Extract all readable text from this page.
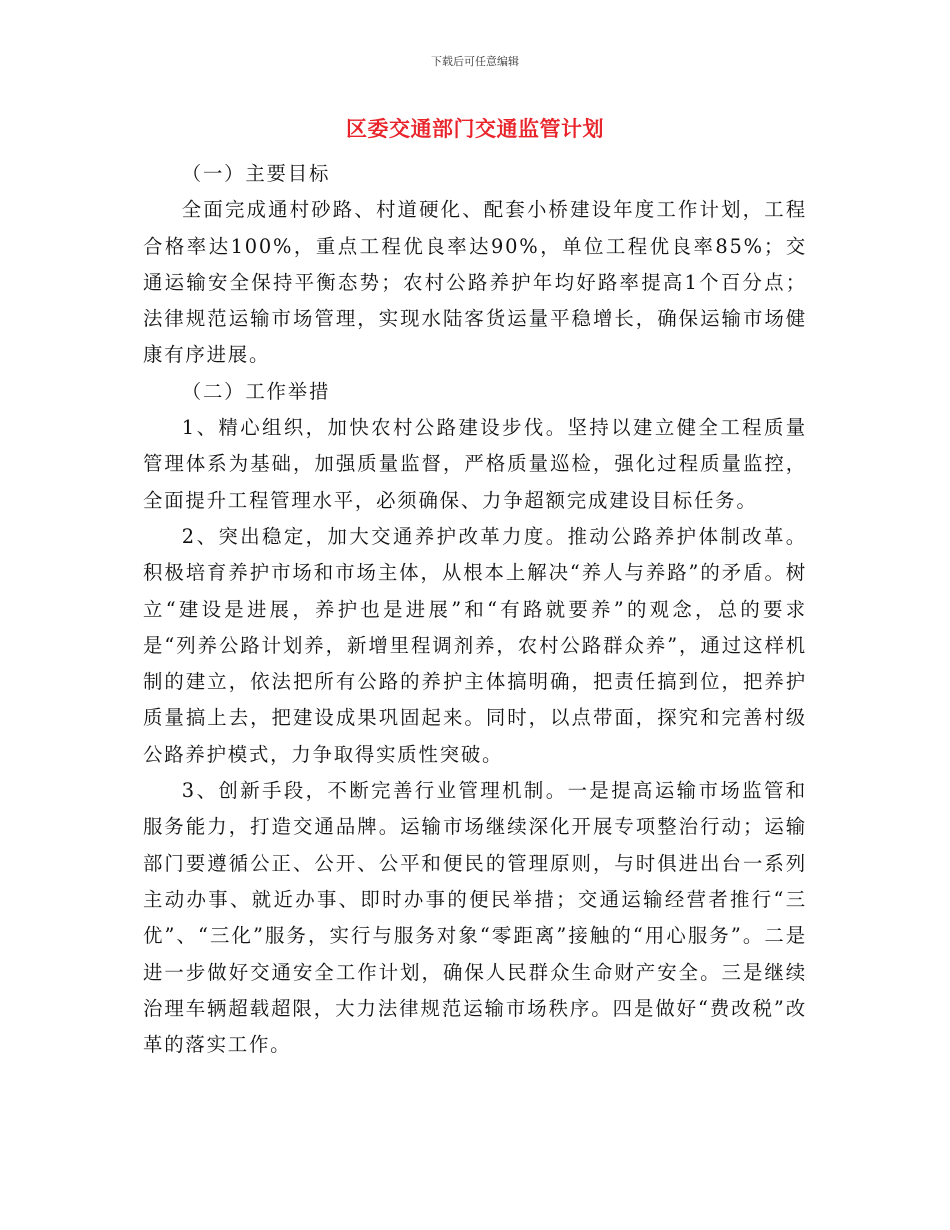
下载后可任意编辑
区委交通部门交通监管计划

（一）主要目标

全面完成通村砂路、村道硬化、配套小桥建设年度工作计划，工程合格率达100%，重点工程优良率达90%，单位工程优良率85%；交通运输安全保持平衡态势；农村公路养护年均好路率提高1个百分点；法律规范运输市场管理，实现水陆客货运量平稳增长，确保运输市场健康有序进展。

（二）工作举措

1、精心组织，加快农村公路建设步伐。坚持以建立健全工程质量管理体系为基础，加强质量监督，严格质量巡检，强化过程质量监控，全面提升工程管理水平，必须确保、力争超额完成建设目标任务。

2、突出稳定，加大交通养护改革力度。推动公路养护体制改革。积极培育养护市场和市场主体，从根本上解决“养人与养路”的矛盾。树立“建设是进展，养护也是进展”和“有路就要养”的观念，总的要求是“列养公路计划养，新增里程调剂养，农村公路群众养”，通过这样机制的建立，依法把所有公路的养护主体搞明确，把责任搞到位，把养护质量搞上去，把建设成果巩固起来。同时，以点带面，探究和完善村级公路养护模式，力争取得实质性突破。

3、创新手段，不断完善行业管理机制。一是提高运输市场监管和服务能力，打造交通品牌。运输市场继续深化开展专项整治行动；运输部门要遵循公正、公开、公平和便民的管理原则，与时俱进出台一系列主动办事、就近办事、即时办事的便民举措；交通运输经营者推行“三优”、“三化”服务，实行与服务对象“零距离”接触的“用心服务”。二是进一步做好交通安全工作计划，确保人民群众生命财产安全。三是继续治理车辆超载超限，大力法律规范运输市场秩序。四是做好“费改税”改革的落实工作。
